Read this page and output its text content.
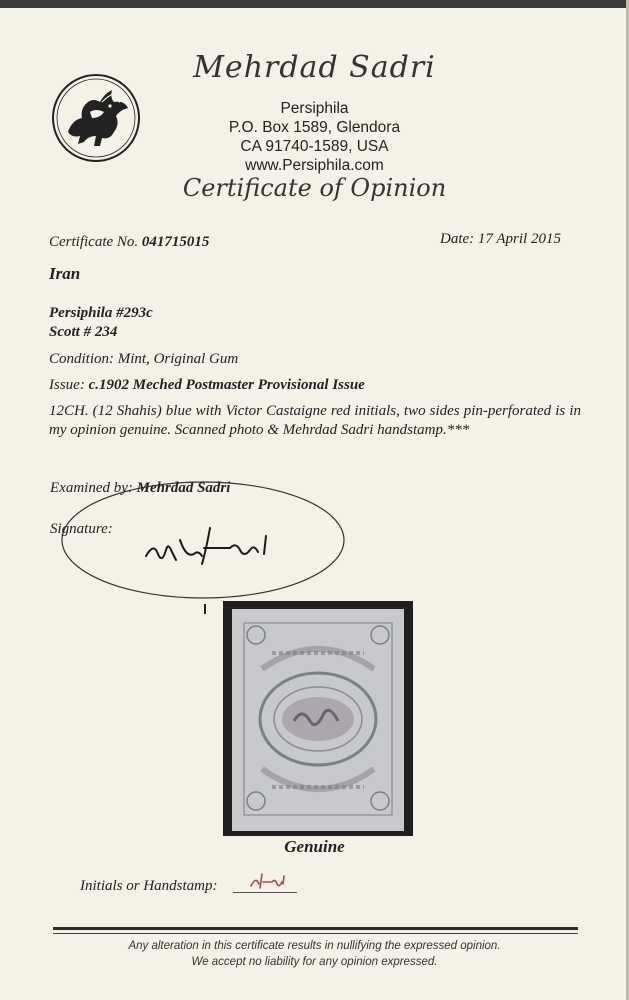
Mehrdad Sadri
Persiphila
P.O. Box 1589, Glendora
CA 91740-1589, USA
www.Persiphila.com
Certificate of Opinion
Certificate No. 041715015	Date: 17 April 2015
Iran
Persiphila #293c
Scott # 234
Condition: Mint, Original Gum
Issue: c.1902 Meched Postmaster Provisional Issue
12CH. (12 Shahis) blue with Victor Castaigne red initials, two sides pin-perforated is in my opinion genuine. Scanned photo & Mehrdad Sadri handstamp.***
Examined by: Mehrdad Sadri
Signature:
Genuine
Initials or Handstamp:
Any alteration in this certificate results in nullifying the expressed opinion.
We accept no liability for any opinion expressed.
